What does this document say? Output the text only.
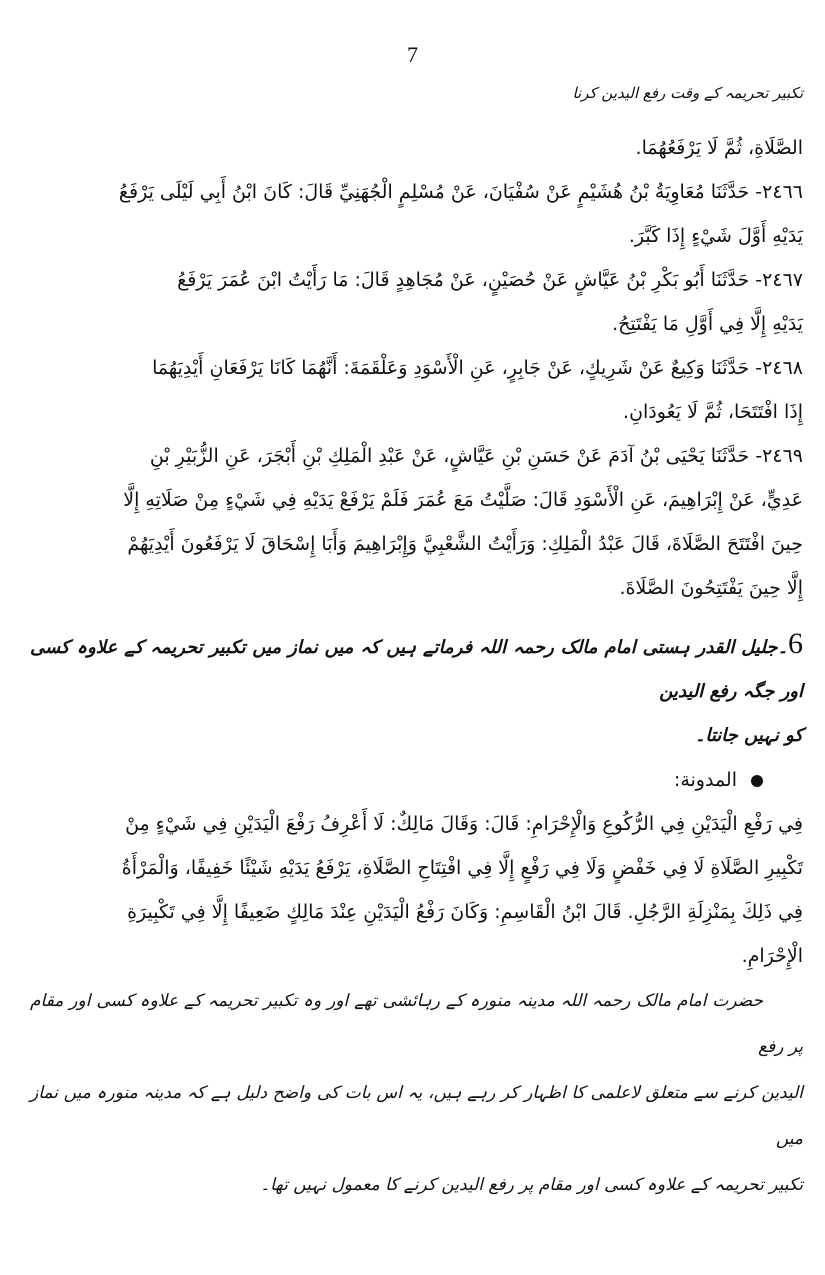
7
تکبیر تحریمہ کے وقت رفع الیدین کرنا

الصَّلَاةِ، ثُمَّ لَا يَرْفَعُهُمَا.

٢٤٦٦- حَدَّثَنَا مُعَاوِيَةُ بْنُ هُشَيْمٍ عَنْ سُفْيَانَ، عَنْ مُسْلِمٍ الْجُهَنِيِّ قَالَ: كَانَ ابْنُ أَبِي لَيْلَى يَرْفَعُ

يَدَيْهِ أَوَّلَ شَيْءٍ إِذَا كَبَّرَ.

٢٤٦٧- حَدَّثَنَا أَبُو بَكْرِ بْنُ عَيَّاشٍ عَنْ حُصَيْنٍ، عَنْ مُجَاهِدٍ قَالَ: مَا رَأَيْتُ ابْنَ عُمَرَ يَرْفَعُ

يَدَيْهِ إِلَّا فِي أَوَّلِ مَا يَفْتَتِحُ.

٢٤٦٨- حَدَّثَنَا وَكِيعٌ عَنْ شَرِيكٍ، عَنْ جَابِرٍ، عَنِ الْأَسْوَدِ وَعَلْقَمَةَ: أَنَّهُمَا كَانَا يَرْفَعَانِ أَيْدِيَهُمَا

إِذَا افْتَتَحَا، ثُمَّ لَا يَعُودَانِ.

٢٤٦٩- حَدَّثَنَا يَحْيَى بْنُ آدَمَ عَنْ حَسَنِ بْنِ عَيَّاشٍ، عَنْ عَبْدِ الْمَلِكِ بْنِ أَبْجَرَ، عَنِ الزُّبَيْرِ بْنِ

عَدِيٍّ، عَنْ إِبْرَاهِيمَ، عَنِ الْأَسْوَدِ قَالَ: صَلَّيْتُ مَعَ عُمَرَ فَلَمْ يَرْفَعْ يَدَيْهِ فِي شَيْءٍ مِنْ صَلَاتِهِ إِلَّا

حِينَ افْتَتَحَ الصَّلَاةَ، قَالَ عَبْدُ الْمَلِكِ: وَرَأَيْتُ الشَّعْبِيَّ وَإِبْرَاهِيمَ وَأَبَا إِسْحَاقَ لَا يَرْفَعُونَ أَيْدِيَهُمْ

إِلَّا حِينَ يَفْتَتِحُونَ الصَّلَاةَ.

6۔جلیل القدر ہستی امام مالک رحمہ اللہ فرماتے ہیں کہ میں نماز میں تکبیر تحریمہ کے علاوہ کسی اور جگہ رفع الیدین

کو نہیں جانتا۔

المدونة:

فِي رَفْعِ الْيَدَيْنِ فِي الرُّكُوعِ وَالْإِحْرَامِ: قَالَ: وَقَالَ مَالِكٌ: لَا أَعْرِفُ رَفْعَ الْيَدَيْنِ فِي شَيْءٍ مِنْ

تَكْبِيرِ الصَّلَاةِ لَا فِي خَفْضٍ وَلَا فِي رَفْعٍ إِلَّا فِي افْتِتَاحِ الصَّلَاةِ، يَرْفَعُ يَدَيْهِ شَيْئًا خَفِيفًا، وَالْمَرْأَةُ

فِي ذَلِكَ بِمَنْزِلَةِ الرَّجُلِ. قَالَ ابْنُ الْقَاسِمِ: وَكَانَ رَفْعُ الْيَدَيْنِ عِنْدَ مَالِكٍ ضَعِيفًا إِلَّا فِي تَكْبِيرَةِ

الْإِحْرَامِ.

حضرت امام مالک رحمہ اللہ مدینہ منورہ کے رہائشی تھے اور وہ تکبیر تحریمہ کے علاوہ کسی اور مقام پر رفع

الیدین کرنے سے متعلق لاعلمی کا اظہار کر رہے ہیں، یہ اس بات کی واضح دلیل ہے کہ مدینہ منورہ میں نماز میں

تکبیر تحریمہ کے علاوہ کسی اور مقام پر رفع الیدین کرنے کا معمول نہیں تھا۔
